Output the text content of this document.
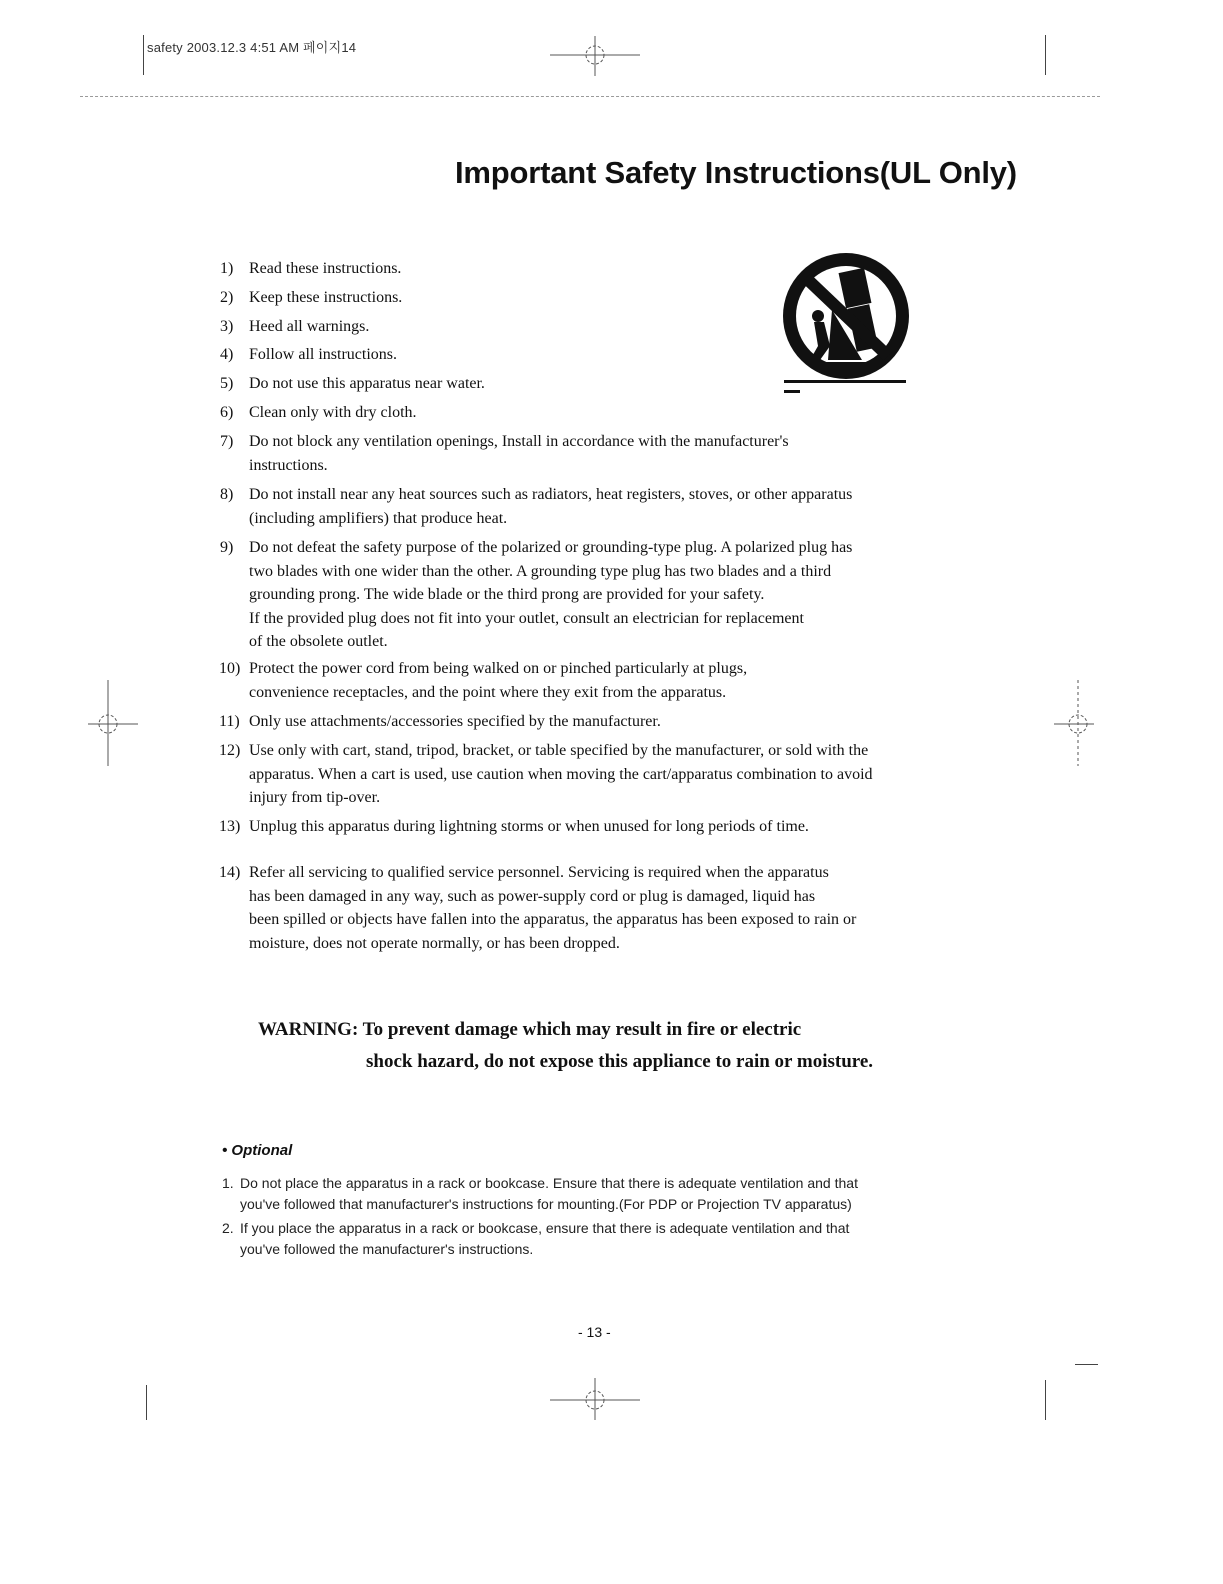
safety 2003.12.3 4:51 AM 페이지14
Important Safety Instructions(UL Only)
1) Read these instructions.
2) Keep these instructions.
3) Heed all warnings.
4) Follow all instructions.
5) Do not use this apparatus near water.
6) Clean only with dry cloth.
7) Do not block any ventilation openings, Install in accordance with the manufacturer's
instructions.
8) Do not install near any heat sources such as radiators, heat registers, stoves, or other apparatus
(including amplifiers) that produce heat.
9) Do not defeat the safety purpose of the polarized or grounding-type plug. A polarized plug has
two blades with one wider than the other. A grounding type plug has two blades and a third
grounding prong. The wide blade or the third prong are provided for your safety.
If the provided plug does not fit into your outlet, consult an electrician for replacement
of the obsolete outlet.
10) Protect the power cord from being walked on or pinched particularly at plugs,
convenience receptacles, and the point where they exit from the apparatus.
11) Only use attachments/accessories specified by the manufacturer.
12) Use only with cart, stand, tripod, bracket, or table specified by the manufacturer, or sold with the
apparatus. When a cart is used, use caution when moving the cart/apparatus combination to avoid
injury from tip-over.
13) Unplug this apparatus during lightning storms or when unused for long periods of time.
14) Refer all servicing to qualified service personnel. Servicing is required when the apparatus
has been damaged in any way, such as power-supply cord or plug is damaged, liquid has
been spilled or objects have fallen into the apparatus, the apparatus has been exposed to rain or
moisture, does not operate normally, or has been dropped.
WARNING: To prevent damage which may result in fire or electric
shock hazard, do not expose this appliance to rain or moisture.
• Optional
1. Do not place the apparatus in a rack or bookcase. Ensure that there is adequate ventilation and that
you've followed that manufacturer's instructions for mounting.(For PDP or Projection TV apparatus)
2. If you place the apparatus in a rack or bookcase, ensure that there is adequate ventilation and that
you've followed the manufacturer's instructions.
- 13 -
